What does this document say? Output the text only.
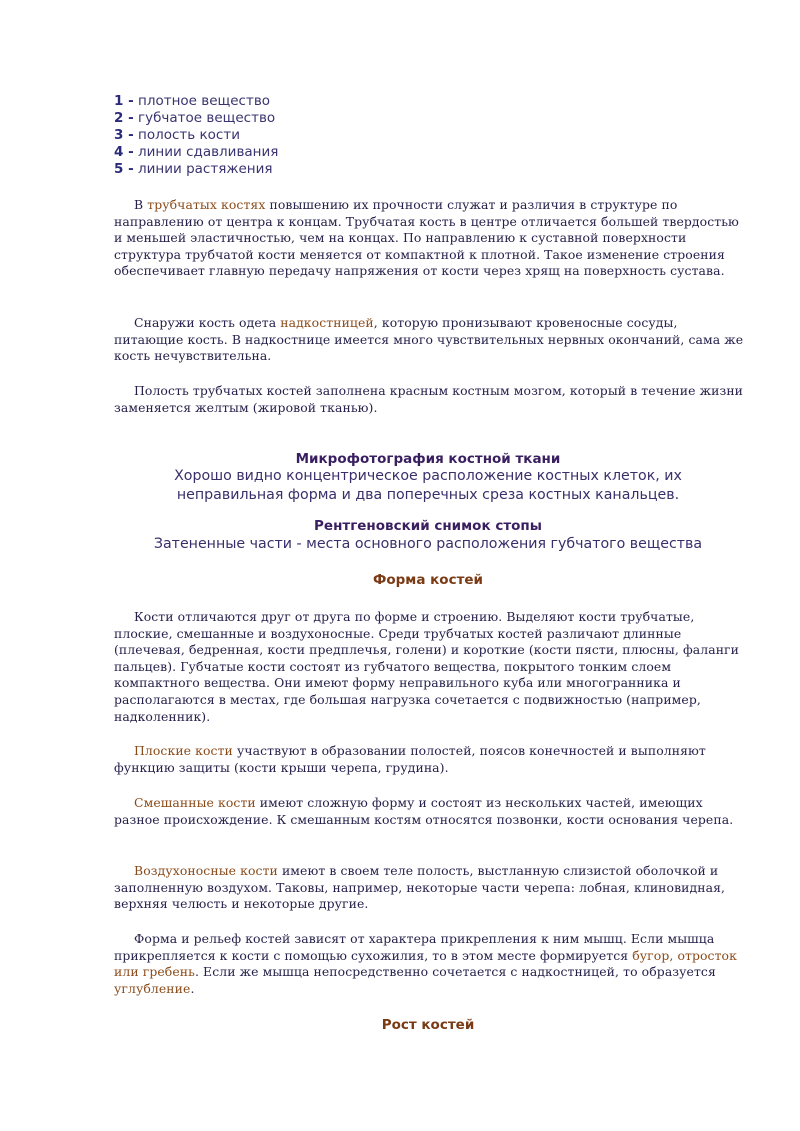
1 - плотное вещество
2 - губчатое вещество
3 - полость кости
4 - линии сдавливания
5 - линии растяжения
В трубчатых костях повышению их прочности служат и различия в структуре по направлению от центра к концам. Трубчатая кость в центре отличается большей твердостью и меньшей эластичностью, чем на концах. По направлению к суставной поверхности структура трубчатой кости меняется от компактной к плотной. Такое изменение строения обеспечивает главную передачу напряжения от кости через хрящ на поверхность сустава.
Снаружи кость одета надкостницей, которую пронизывают кровеносные сосуды, питающие кость. В надкостнице имеется много чувствительных нервных окончаний, сама же кость нечувствительна.
Полость трубчатых костей заполнена красным костным мозгом, который в течение жизни заменяется желтым (жировой тканью).
Микрофотография костной ткани
Хорошо видно концентрическое расположение костных клеток, их
неправильная форма и два поперечных среза костных канальцев.
Рентгеновский снимок стопы
Затененные части - места основного расположения губчатого вещества
Форма костей
Кости отличаются друг от друга по форме и строению. Выделяют кости трубчатые, плоские, смешанные и воздухоносные. Среди трубчатых костей различают длинные (плечевая, бедренная, кости предплечья, голени) и короткие (кости пясти, плюсны, фаланги пальцев). Губчатые кости состоят из губчатого вещества, покрытого тонким слоем компактного вещества. Они имеют форму неправильного куба или многогранника и располагаются в местах, где большая нагрузка сочетается с подвижностью (например, надколенник).
Плоские кости участвуют в образовании полостей, поясов конечностей и выполняют функцию защиты (кости крыши черепа, грудина).
Смешанные кости имеют сложную форму и состоят из нескольких частей, имеющих разное происхождение. К смешанным костям относятся позвонки, кости основания черепа.
Воздухоносные кости имеют в своем теле полость, выстланную слизистой оболочкой и заполненную воздухом. Таковы, например, некоторые части черепа: лобная, клиновидная, верхняя челюсть и некоторые другие.
Форма и рельеф костей зависят от характера прикрепления к ним мышц. Если мышца прикрепляется к кости с помощью сухожилия, то в этом месте формируется бугор, отросток или гребень. Если же мышца непосредственно сочетается с надкостницей, то образуется углубление.
Рост костей
